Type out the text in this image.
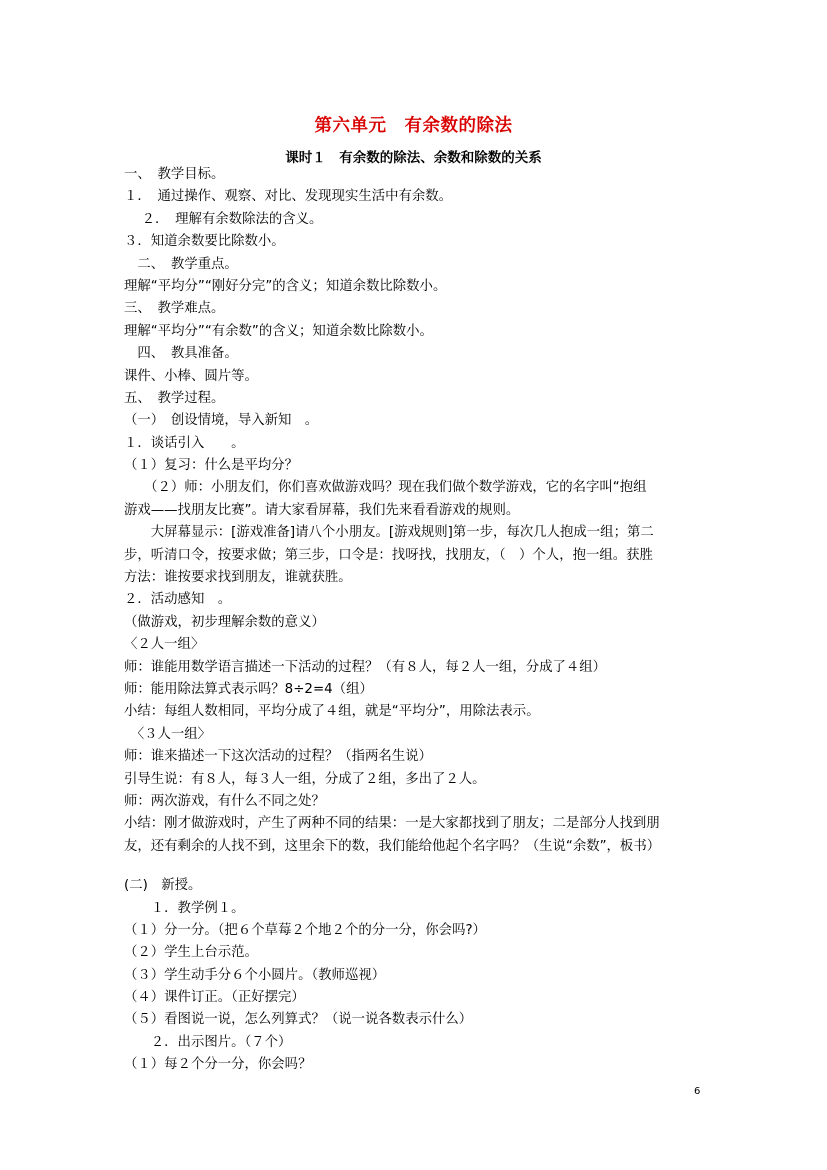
第六单元　有余数的除法
课时１　有余数的除法、余数和除数的关系
一、　教学目标。
１．　通过操作、观察、对比、发现现实生活中有余数。
　 ２．　理解有余数除法的含义。
３．知道余数要比除数小。
　二、　教学重点。
理解“平均分”“刚好分完”的含义；知道余数比除数小。
三、　教学难点。
理解“平均分”“有余数”的含义；知道余数比除数小。
　四、　教具准备。
课件、小棒、圆片等。
五、　教学过程。
（一）　创设情境，导入新知　。
１．谈话引入　　。
（１）复习：什么是平均分？
　　（２）师：小朋友们，你们喜欢做游戏吗？现在我们做个数学游戏，它的名字叫“抱组
游戏——找朋友比赛”。请大家看屏幕，我们先来看看游戏的规则。
　　大屏幕显示：[游戏准备]请八个小朋友。[游戏规则]第一步，每次几人抱成一组；第二
步，听清口令，按要求做；第三步，口令是：找呀找，找朋友，（　）个人，抱一组。获胜
方法：谁按要求找到朋友，谁就获胜。
２．活动感知　。
（做游戏，初步理解余数的意义）
〈２人一组〉
师：谁能用数学语言描述一下活动的过程？（有８人，每２人一组，分成了４组）
师：能用除法算式表示吗？8÷2=4（组）
小结：每组人数相同，平均分成了４组，就是“平均分”，用除法表示。
　〈３人一组〉
师：谁来描述一下这次活动的过程？（指两名生说）
引导生说：有８人，每３人一组，分成了２组，多出了２人。
师：两次游戏，有什么不同之处？
小结：刚才做游戏时，产生了两种不同的结果：一是大家都找到了朋友；二是部分人找到朋
友，还有剩余的人找不到，这里余下的数，我们能给他起个名字吗？（生说“余数”，板书）
(二)　新授。
　　１．教学例１。
（１）分一分。（把６个草莓２个地２个的分一分，你会吗?）
（２）学生上台示范。
（３）学生动手分６个小圆片。（教师巡视）
（４）课件订正。（正好摆完）
（５）看图说一说，怎么列算式？（说一说各数表示什么）
　　２．出示图片。（７个）
（１）每２个分一分，你会吗？
6
